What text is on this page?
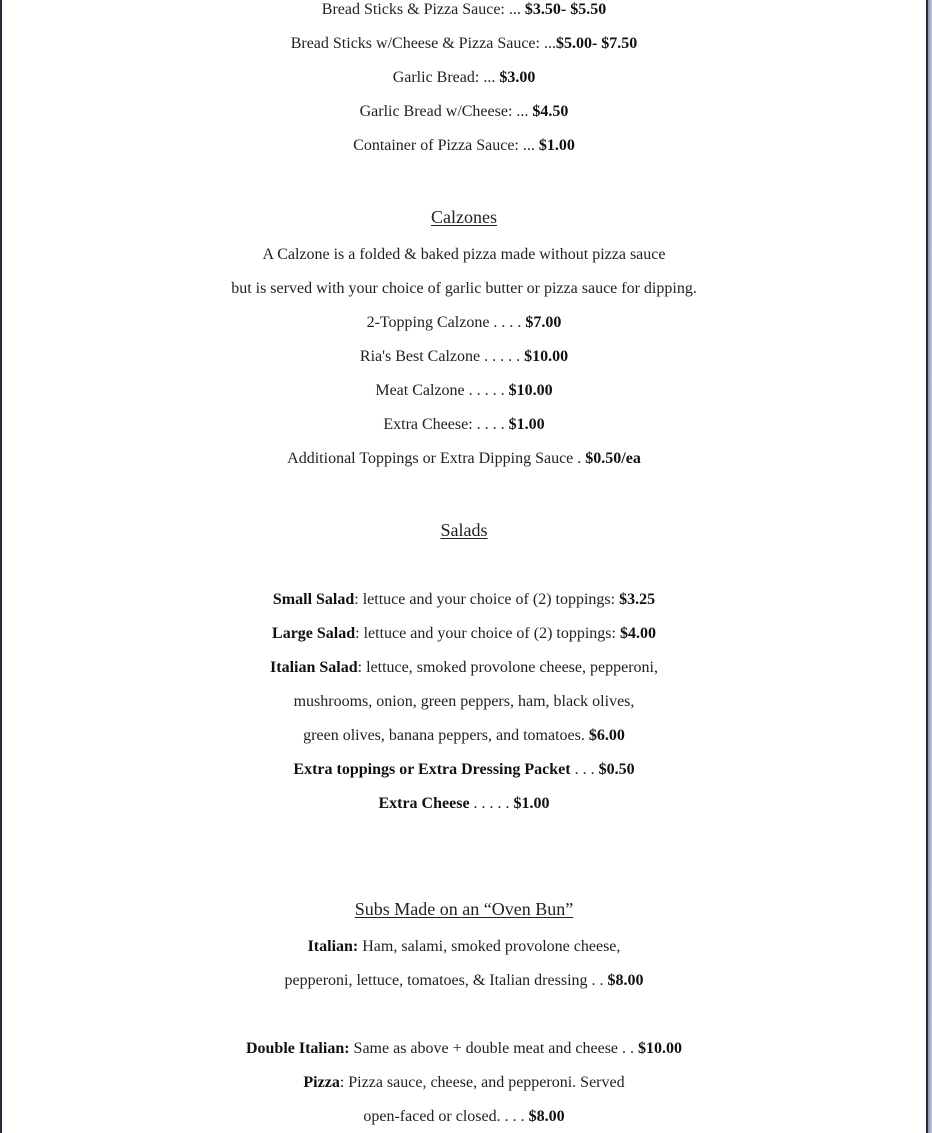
Bread Sticks & Pizza Sauce: ... $3.50- $5.50
Bread Sticks w/Cheese & Pizza Sauce: ...$5.00- $7.50
Garlic Bread: ... $3.00
Garlic Bread w/Cheese: ... $4.50
Container of Pizza Sauce: ... $1.00
Calzones
A Calzone is a folded & baked pizza made without pizza sauce
but is served with your choice of garlic butter or pizza sauce for dipping.
2-Topping Calzone . . . . $7.00
Ria's Best Calzone . . . . . $10.00
Meat Calzone . . . . . $10.00
Extra Cheese: . . . . $1.00
Additional Toppings or Extra Dipping Sauce . $0.50/ea
Salads
Small Salad: lettuce and your choice of (2) toppings: $3.25
Large Salad: lettuce and your choice of (2) toppings: $4.00
Italian Salad: lettuce, smoked provolone cheese, pepperoni,
mushrooms, onion, green peppers, ham, black olives,
green olives, banana peppers, and tomatoes. $6.00
Extra toppings or Extra Dressing Packet . . . $0.50
Extra Cheese . . . . . $1.00
Subs Made on an “Oven Bun”
Italian: Ham, salami, smoked provolone cheese,
pepperoni, lettuce, tomatoes, & Italian dressing . . $8.00
Double Italian: Same as above + double meat and cheese . . $10.00
Pizza: Pizza sauce, cheese, and pepperoni. Served
open-faced or closed. . . . $8.00
